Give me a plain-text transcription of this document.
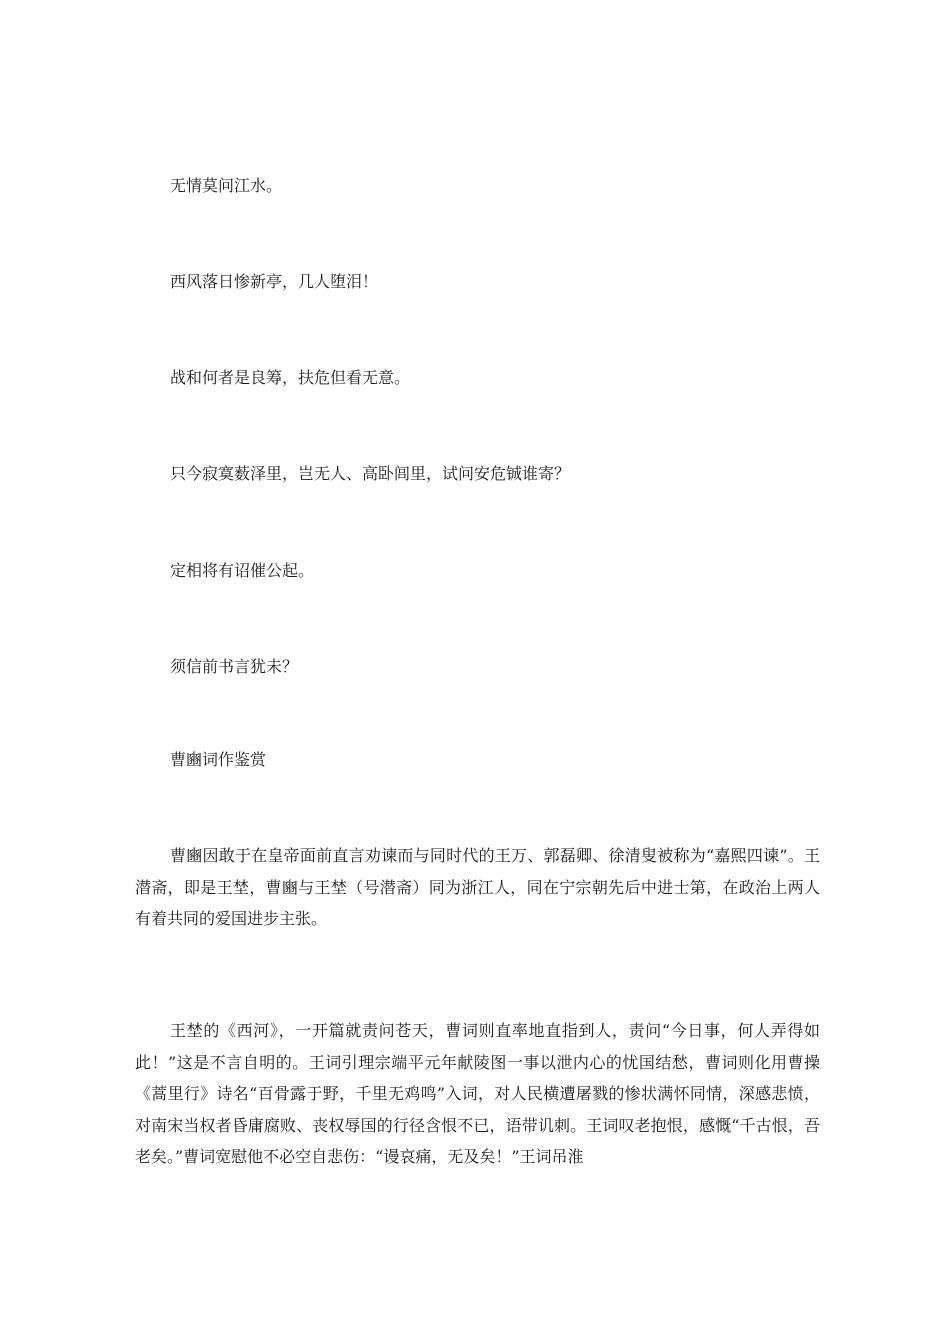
无情莫问江水。

西风落日惨新亭，几人堕泪！

战和何者是良筹，扶危但看无意。

只今寂寞薮泽里，岂无人、高卧闾里，试问安危铖谁寄？

定相将有诏催公起。

须信前书言犹未？

曹豳词作鉴赏

曹豳因敢于在皇帝面前直言劝谏而与同时代的王万、郭磊卿、徐清叟被称为“嘉熙四谏”。王潜斋，即是王埜，曹豳与王埜（号潜斋）同为浙江人，同在宁宗朝先后中进士第，在政治上两人有着共同的爱国进步主张。

王埜的《西河》，一开篇就责问苍天，曹词则直率地直指到人，责问“今日事，何人弄得如此！”这是不言自明的。王词引理宗端平元年献陵图一事以泄内心的忧国结愁，曹词则化用曹操《蒿里行》诗名“百骨露于野，千里无鸡鸣”入词，对人民横遭屠戮的惨状满怀同情，深感悲愤，对南宋当权者昏庸腐败、丧权辱国的行径含恨不已，语带讥刺。王词叹老抱恨，感慨“千古恨，吾老矣。”曹词宽慰他不必空自悲伤：“谩哀痛，无及矣！”王词吊淮
